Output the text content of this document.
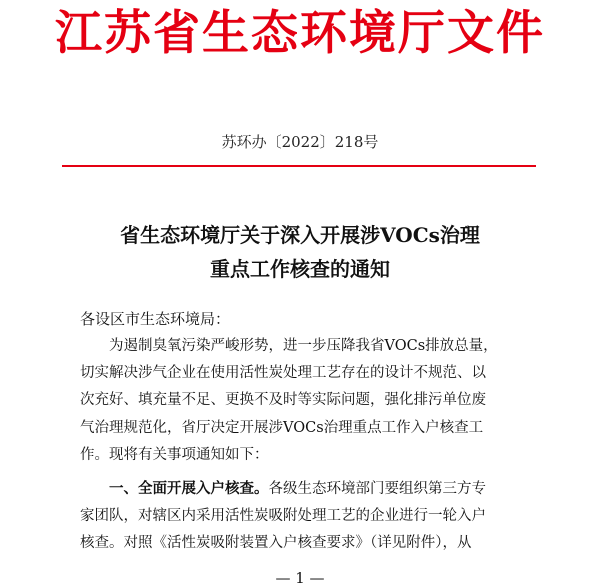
江苏省生态环境厅文件
苏环办〔2022〕218号
省生态环境厅关于深入开展涉VOCs治理
重点工作核查的通知
各设区市生态环境局：
为遏制臭氧污染严峻形势，进一步压降我省VOCs排放总量，
切实解决涉气企业在使用活性炭处理工艺存在的设计不规范、以
次充好、填充量不足、更换不及时等实际问题，强化排污单位废
气治理规范化，省厅决定开展涉VOCs治理重点工作入户核查工
作。现将有关事项通知如下：
一、全面开展入户核查。各级生态环境部门要组织第三方专
家团队，对辖区内采用活性炭吸附处理工艺的企业进行一轮入户
核查。对照《活性炭吸附装置入户核查要求》（详见附件），从
— 1 —
